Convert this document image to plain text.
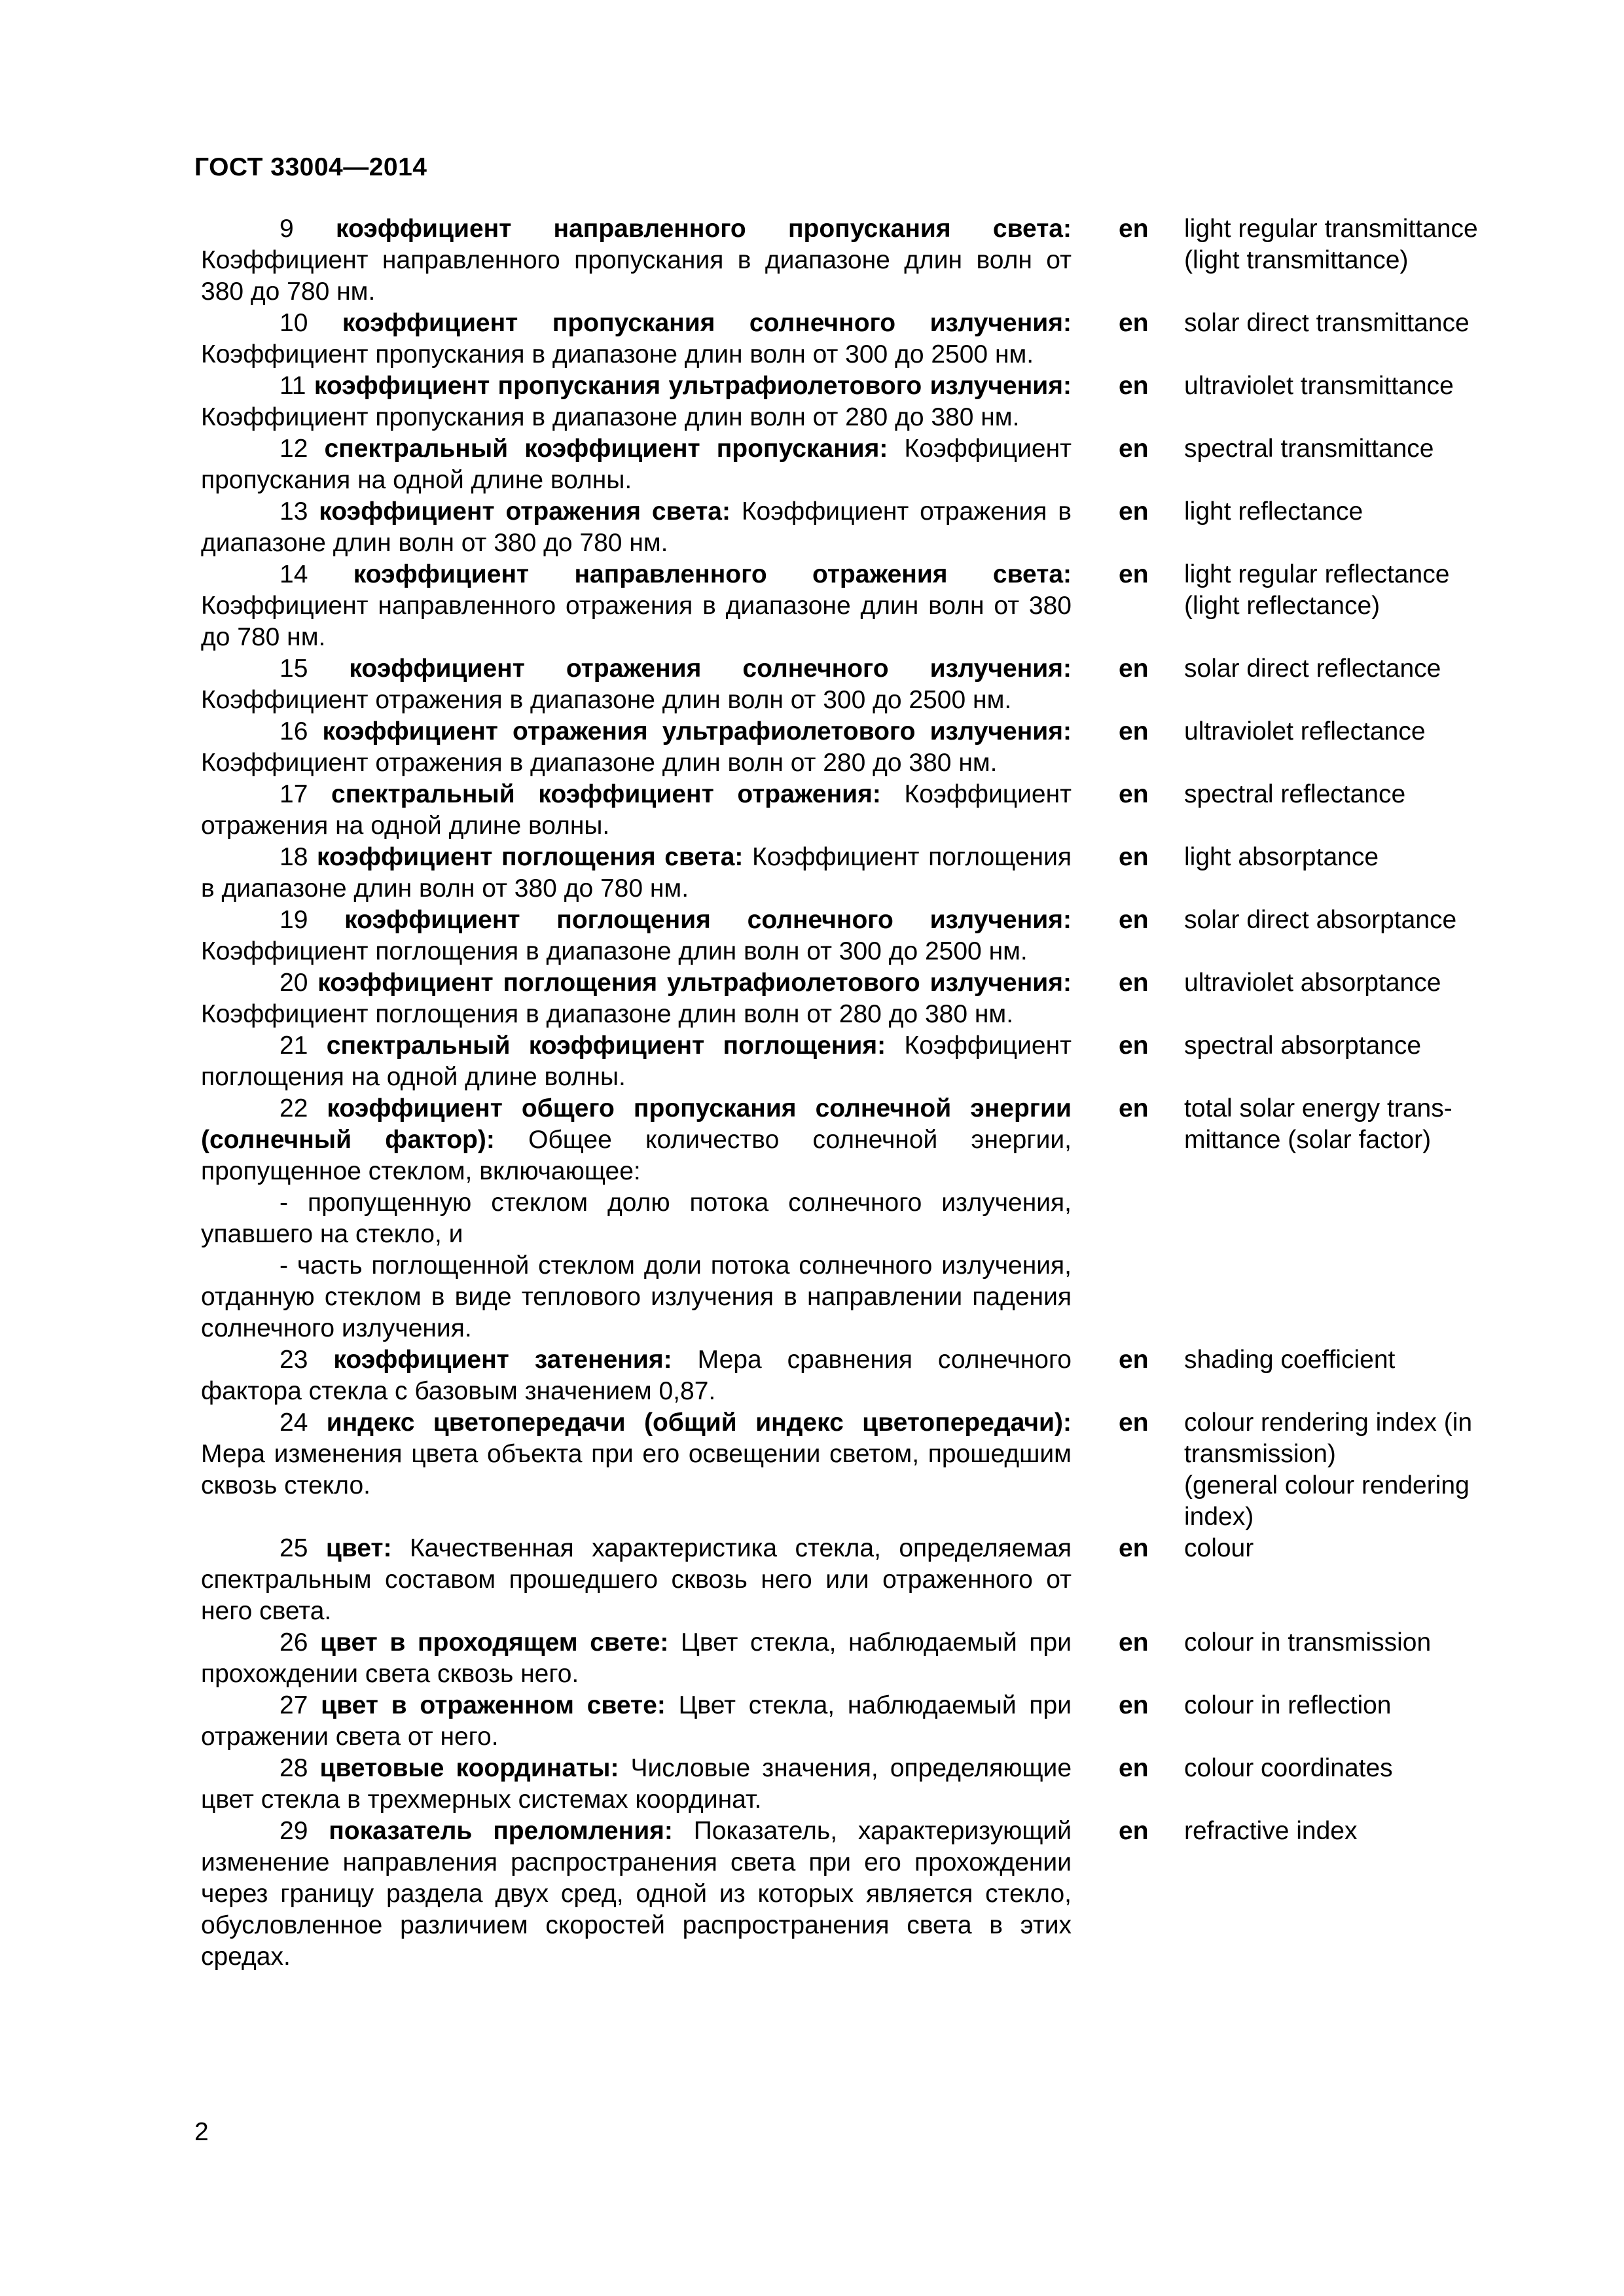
ГОСТ 33004—2014

9 коэффициент направленного пропускания света: Коэффициент направленного пропускания в диапазоне длин волн от 380 до 780 нм.

en	light regular transmittance
(light transmittance)

10 коэффициент пропускания солнечного излучения: Коэффициент пропускания в диапазоне длин волн от 300 до 2500 нм.

en	solar direct transmittance

11 коэффициент пропускания ультрафиолетового излучения: Коэффициент пропускания в диапазоне длин волн от 280 до 380 нм.

en	ultraviolet transmittance

12 спектральный коэффициент пропускания: Коэффициент пропускания на одной длине волны.

en	spectral transmittance

13 коэффициент отражения света: Коэффициент отражения в диапазоне длин волн от 380 до 780 нм.

en	light reflectance

14 коэффициент направленного отражения света: Коэффициент направленного отражения в диапазоне длин волн от 380 до 780 нм.

en	light regular reflectance
(light reflectance)

15 коэффициент отражения солнечного излучения: Коэффициент отражения в диапазоне длин волн от 300 до 2500 нм.

en	solar direct reflectance

16 коэффициент отражения ультрафиолетового излучения: Коэффициент отражения в диапазоне длин волн от 280 до 380 нм.

en	ultraviolet reflectance

17 спектральный коэффициент отражения: Коэффициент отражения на одной длине волны.

en	spectral reflectance

18 коэффициент поглощения света: Коэффициент поглощения в диапазоне длин волн от 380 до 780 нм.

en	light absorptance

19 коэффициент поглощения солнечного излучения: Коэффициент поглощения в диапазоне длин волн от 300 до 2500 нм.

en	solar direct absorptance

20 коэффициент поглощения ультрафиолетового излучения: Коэффициент поглощения в диапазоне длин волн от 280 до 380 нм.

en	ultraviolet absorptance

21 спектральный коэффициент поглощения: Коэффициент поглощения на одной длине волны.

en	spectral absorptance

22 коэффициент общего пропускания солнечной энергии (солнечный фактор): Общее количество солнечной энергии, пропущенное стеклом, включающее:

- пропущенную стеклом долю потока солнечного излучения, упавшего на стекло, и

- часть поглощенной стеклом доли потока солнечного излучения, отданную стеклом в виде теплового излучения в направлении падения солнечного излучения.

en	total solar energy trans-
mittance (solar factor)

23 коэффициент затенения: Мера сравнения солнечного фактора стекла с базовым значением 0,87.

en	shading coefficient

24 индекс цветопередачи (общий индекс цветопередачи): Мера изменения цвета объекта при его освещении светом, прошедшим сквозь стекло.

en	colour rendering index (in
transmission)
(general colour rendering
index)

25 цвет: Качественная характеристика стекла, определяемая спектральным составом прошедшего сквозь него или отраженного от него света.

en	colour

26 цвет в проходящем свете: Цвет стекла, наблюдаемый при прохождении света сквозь него.

en	colour in transmission

27 цвет в отраженном свете: Цвет стекла, наблюдаемый при отражении света от него.

en	colour in reflection

28 цветовые координаты: Числовые значения, определяющие цвет стекла в трехмерных системах координат.

en	colour coordinates

29 показатель преломления: Показатель, характеризующий изменение направления распространения света при его прохождении через границу раздела двух сред, одной из которых является стекло, обусловленное различием скоростей распространения света в этих средах.

en	refractive index
2
